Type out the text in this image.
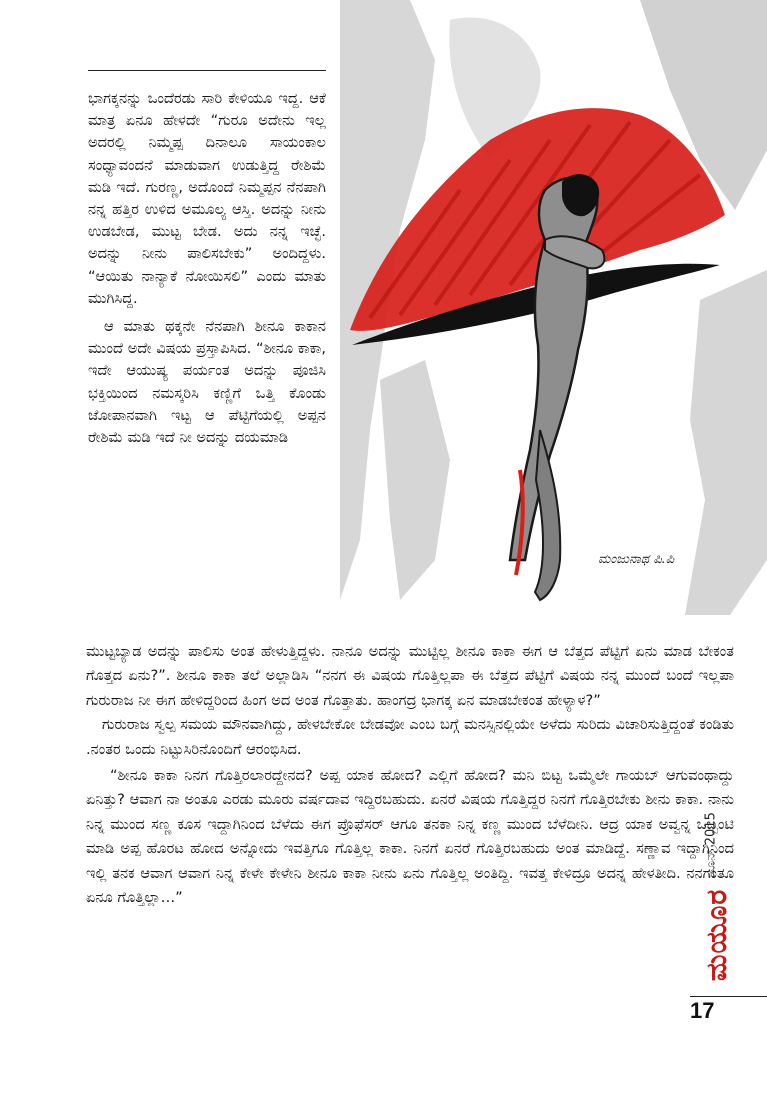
ಭಾಗಕ್ಕನನ್ನು ಒಂದೆರಡು ಸಾರಿ ಕೇಳಿಯೂ ಇದ್ದ. ಆಕೆ ಮಾತ್ರ ಏನೂ ಹೇಳದೇ “ಗುರೂ ಅದೇನು ಇಲ್ಲ ಅದರಲ್ಲಿ ನಿಮ್ಮಪ್ಪ ದಿನಾಲೂ ಸಾಯಂಕಾಲ ಸಂಧ್ಯಾವಂದನೆ ಮಾಡುವಾಗ ಉಡುತ್ತಿದ್ದ ರೇಶಿಮೆ ಮಡಿ ಇದೆ. ಗುರಣ್ಣ, ಅದೊಂದೆ ನಿಮ್ಮಪ್ಪನ ನೆನಪಾಗಿ ನನ್ನ ಹತ್ತಿರ ಉಳಿದ ಅಮೂಲ್ಯ ಆಸ್ತಿ. ಅದನ್ನು ನೀನು ಉಡಬೇಡ, ಮುಟ್ಟ ಬೇಡ. ಅದು ನನ್ನ ಇಚ್ಛೆ. ಅದನ್ನು ನೀನು ಪಾಲಿಸಬೇಕು” ಅಂದಿದ್ದಳು. “ಆಯಿತು ನಾನ್ಯಾಕೆ ನೋಯಿಸಲಿ” ಎಂದು ಮಾತು ಮುಗಿಸಿದ್ದ.

ಆ ಮಾತು ಥಕ್ಕನೇ ನೆನಪಾಗಿ ಶೀನೂ ಕಾಕಾನ ಮುಂದೆ ಅದೇ ವಿಷಯ ಪ್ರಸ್ತಾಪಿಸಿದ. “ಶೀನೂ ಕಾಕಾ, ಇದೇ ಆಯುಷ್ಯ ಪರ್ಯಂತ ಅದನ್ನು ಪೂಜಿಸಿ ಭಕ್ತಿಯಿಂದ ನಮಸ್ಕರಿಸಿ ಕಣ್ಣಿಗೆ ಒತ್ತಿ ಕೊಂಡು ಜೋಪಾನವಾಗಿ ಇಟ್ಟ ಆ ಪೆಟ್ಟಿಗೆಯಲ್ಲಿ ಅಪ್ಪನ ರೇಶಿಮೆ ಮಡಿ ಇದೆ ನೀ ಅದನ್ನು ದಯಮಾಡಿ

ಮಂಜುನಾಥ ಪಿ.ಪಿ

ಮುಟ್ಟಬ್ಯಾಡ ಅದನ್ನು ಪಾಲಿಸು ಅಂತ ಹೇಳುತ್ತಿದ್ದಳು. ನಾನೂ ಅದನ್ನು ಮುಟ್ಟಿಲ್ಲ ಶೀನೂ ಕಾಕಾ ಈಗ ಆ ಬೆತ್ತದ ಪೆಟ್ಟಿಗೆ ಏನು ಮಾಡ ಬೇಕಂತ ಗೊತ್ತದ ಏನು?”. ಶೀನೂ ಕಾಕಾ ತಲೆ ಅಲ್ಲಾಡಿಸಿ “ನನಗ ಈ ವಿಷಯ ಗೊತ್ತಿಲ್ಲಪಾ ಈ ಬೆತ್ತದ ಪೆಟ್ಟಿಗೆ ವಿಷಯ ನನ್ನ ಮುಂದೆ ಬಂದೆ ಇಲ್ಲಪಾ ಗುರುರಾಜ ನೀ ಈಗ ಹೇಳಿದ್ದರಿಂದ ಹಿಂಗ ಅದ ಅಂತ ಗೊತ್ತಾತು. ಹಾಂಗದ್ರ ಭಾಗಕ್ಕ ಏನ ಮಾಡಬೇಕಂತ ಹೇಳ್ಯಾಳ?”

ಗುರುರಾಜ ಸ್ವಲ್ಪ ಸಮಯ ಮೌನವಾಗಿದ್ದು, ಹೇಳಬೇಕೋ ಬೇಡವೋ ಎಂಬ ಬಗ್ಗೆ ಮನಸ್ಸಿನಲ್ಲಿಯೇ ಅಳೆದು ಸುರಿದು ವಿಚಾರಿಸುತ್ತಿದ್ದಂತೆ ಕಂಡಿತು .ನಂತರ ಒಂದು ನಿಟ್ಟುಸಿರಿನೊಂದಿಗೆ ಆರಂಭಿಸಿದ.

“ಶೀನೂ ಕಾಕಾ ನಿನಗ ಗೊತ್ತಿರಲಾರದ್ದೇನದ? ಅಪ್ಪ ಯಾಕ ಹೋದ? ಎಲ್ಲಿಗೆ ಹೋದ? ಮನಿ ಬಿಟ್ಟ ಒಮ್ಮೆಲೇ ಗಾಯಬ್ ಆಗುವಂಥಾದ್ದು ಏನಿತ್ತು? ಆವಾಗ ನಾ ಅಂತೂ ಎರಡು ಮೂರು ವರ್ಷದಾವ ಇದ್ದಿರಬಹುದು. ಏನರೆ ವಿಷಯ ಗೊತ್ತಿದ್ದರ ನಿನಗೆ ಗೊತ್ತಿರಬೇಕು ಶೀನು ಕಾಕಾ. ನಾನು ನಿನ್ನ ಮುಂದ ಸಣ್ಣ ಕೂಸ ಇದ್ದಾಗಿನಿಂದ ಬೆಳೆದು ಈಗ ಪ್ರೊಫೆಸರ್ ಆಗೂ ತನಕಾ ನಿನ್ನ ಕಣ್ಣ ಮುಂದ ಬೆಳೆದೀನಿ. ಆದ್ರ ಯಾಕ ಅವ್ವನ್ನ ಒಬ್ಬಂಟಿ ಮಾಡಿ ಅಪ್ಪ ಹೊರಟ ಹೋದ ಅನ್ನೋದು ಇವತ್ತಿಗೂ ಗೊತ್ತಿಲ್ಲ ಕಾಕಾ. ನಿನಗೆ ಏನರೆ ಗೊತ್ತಿರಬಹುದು ಅಂತ ಮಾಡಿದ್ದೆ. ಸಣ್ಣಾವ ಇದ್ದಾಗಿನಿಂದ ಇಲ್ಲಿ ತನಕ ಆವಾಗ ಆವಾಗ ನಿನ್ನ ಕೇಳೇ ಕೇಳೇನಿ ಶೀನೂ ಕಾಕಾ ನೀನು ಏನು ಗೊತ್ತಿಲ್ಲ ಅಂತಿದ್ದಿ. ಇವತ್ತ ಕೇಳಿದ್ರೂ ಅದನ್ನ ಹೇಳತೀದಿ. ನನಗಂತೂ ಏನೂ ಗೊತ್ತಿಲ್ಲಾ…”

ಜೂನ್ 2015
ಮಯೂರ
17
